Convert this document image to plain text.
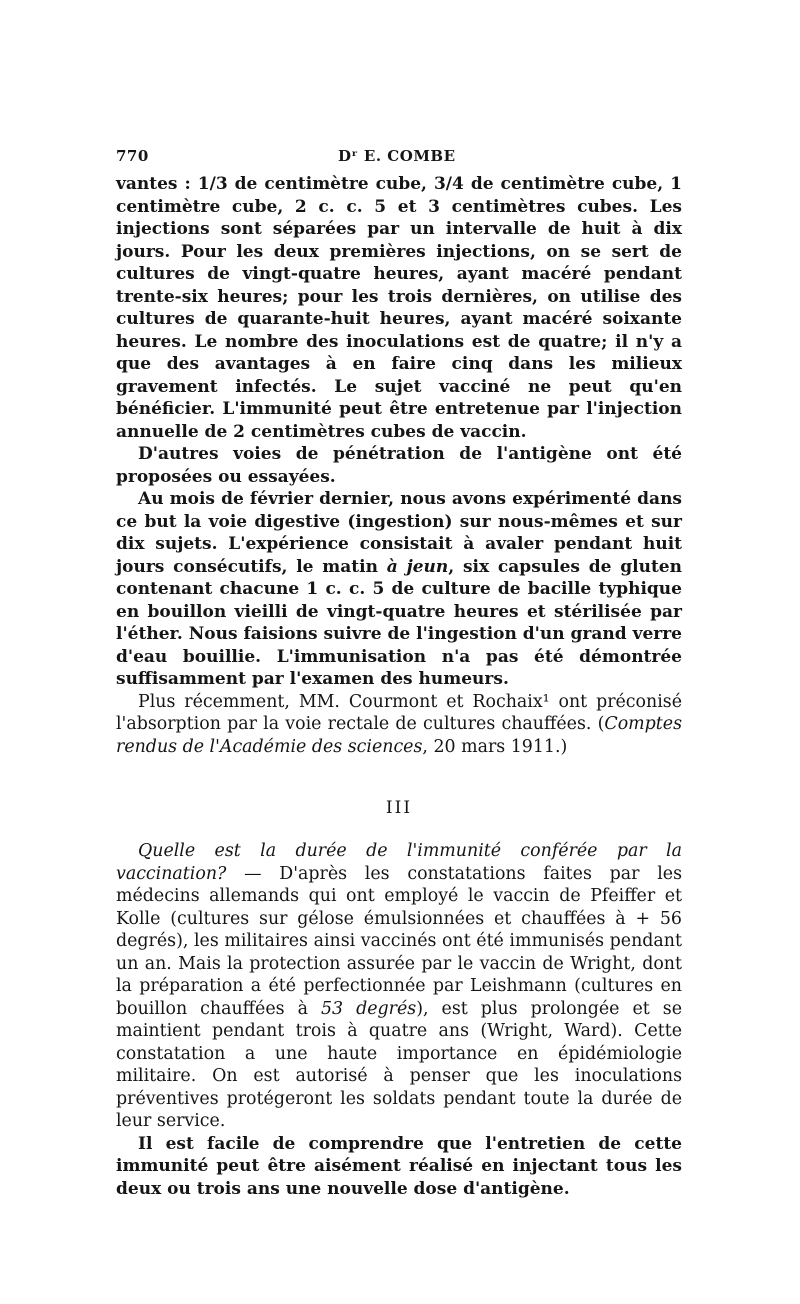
770	Dʳ E. COMBE

vantes : 1/3 de centimètre cube, 3/4 de centimètre cube, 1 centimètre cube, 2 c. c. 5 et 3 centimètres cubes. Les injections sont séparées par un intervalle de huit à dix jours. Pour les deux premières injections, on se sert de cultures de vingt-quatre heures, ayant macéré pendant trente-six heures; pour les trois dernières, on utilise des cultures de quarante-huit heures, ayant macéré soixante heures. Le nombre des inoculations est de quatre; il n'y a que des avantages à en faire cinq dans les milieux gravement infectés. Le sujet vacciné ne peut qu'en bénéficier. L'immunité peut être entretenue par l'injection annuelle de 2 centimètres cubes de vaccin.

D'autres voies de pénétration de l'antigène ont été proposées ou essayées.

Au mois de février dernier, nous avons expérimenté dans ce but la voie digestive (ingestion) sur nous-mêmes et sur dix sujets. L'expérience consistait à avaler pendant huit jours consécutifs, le matin à jeun, six capsules de gluten contenant chacune 1 c. c. 5 de culture de bacille typhique en bouillon vieilli de vingt-quatre heures et stérilisée par l'éther. Nous faisions suivre de l'ingestion d'un grand verre d'eau bouillie. L'immunisation n'a pas été démontrée suffisamment par l'examen des humeurs.

Plus récemment, MM. Courmont et Rochaix¹ ont préconisé l'absorption par la voie rectale de cultures chauffées. (Comptes rendus de l'Académie des sciences, 20 mars 1911.)

III

Quelle est la durée de l'immunité conférée par la vaccination? — D'après les constatations faites par les médecins allemands qui ont employé le vaccin de Pfeiffer et Kolle (cultures sur gélose émulsionnées et chauffées à + 56 degrés), les militaires ainsi vaccinés ont été immunisés pendant un an. Mais la protection assurée par le vaccin de Wright, dont la préparation a été perfectionnée par Leishmann (cultures en bouillon chauffées à 53 degrés), est plus prolongée et se maintient pendant trois à quatre ans (Wright, Ward). Cette constatation a une haute importance en épidémiologie militaire. On est autorisé à penser que les inoculations préventives protégeront les soldats pendant toute la durée de leur service.

Il est facile de comprendre que l'entretien de cette immunité peut être aisément réalisé en injectant tous les deux ou trois ans une nouvelle dose d'antigène.
